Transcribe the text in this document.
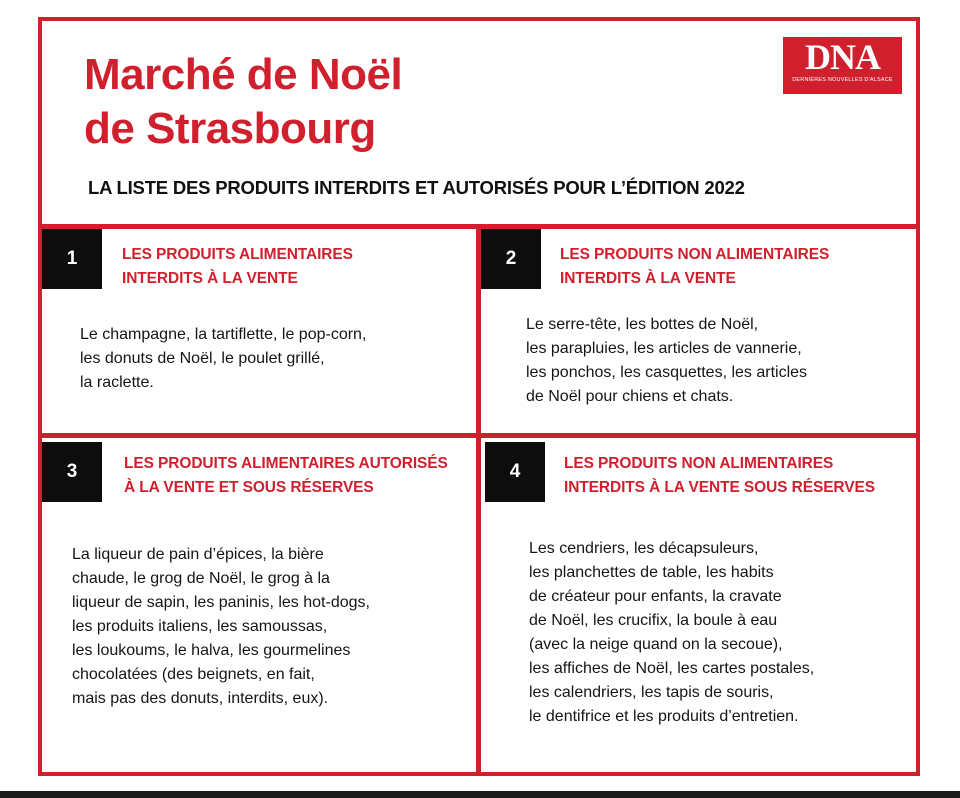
Marché de Noël
de Strasbourg

LA LISTE DES PRODUITS INTERDITS ET AUTORISÉS POUR L’ÉDITION 2022

DNA
DERNIÈRES NOUVELLES D'ALSACE
1	LES PRODUITS ALIMENTAIRES
INTERDITS À LA VENTE

Le champagne, la tartiflette, le pop-corn,
les donuts de Noël, le poulet grillé,
la raclette.

2	LES PRODUITS NON ALIMENTAIRES
INTERDITS À LA VENTE

Le serre-tête, les bottes de Noël,
les parapluies, les articles de vannerie,
les ponchos, les casquettes, les articles
de Noël pour chiens et chats.

3	LES PRODUITS ALIMENTAIRES AUTORISÉS
À LA VENTE ET SOUS RÉSERVES

La liqueur de pain d’épices, la bière
chaude, le grog de Noël, le grog à la
liqueur de sapin, les paninis, les hot-dogs,
les produits italiens, les samoussas,
les loukoums, le halva, les gourmelines
chocolatées (des beignets, en fait,
mais pas des donuts, interdits, eux).

4	LES PRODUITS NON ALIMENTAIRES
INTERDITS À LA VENTE SOUS RÉSERVES

Les cendriers, les décapsuleurs,
les planchettes de table, les habits
de créateur pour enfants, la cravate
de Noël, les crucifix, la boule à eau
(avec la neige quand on la secoue),
les affiches de Noël, les cartes postales,
les calendriers, les tapis de souris,
le dentifrice et les produits d’entretien.
